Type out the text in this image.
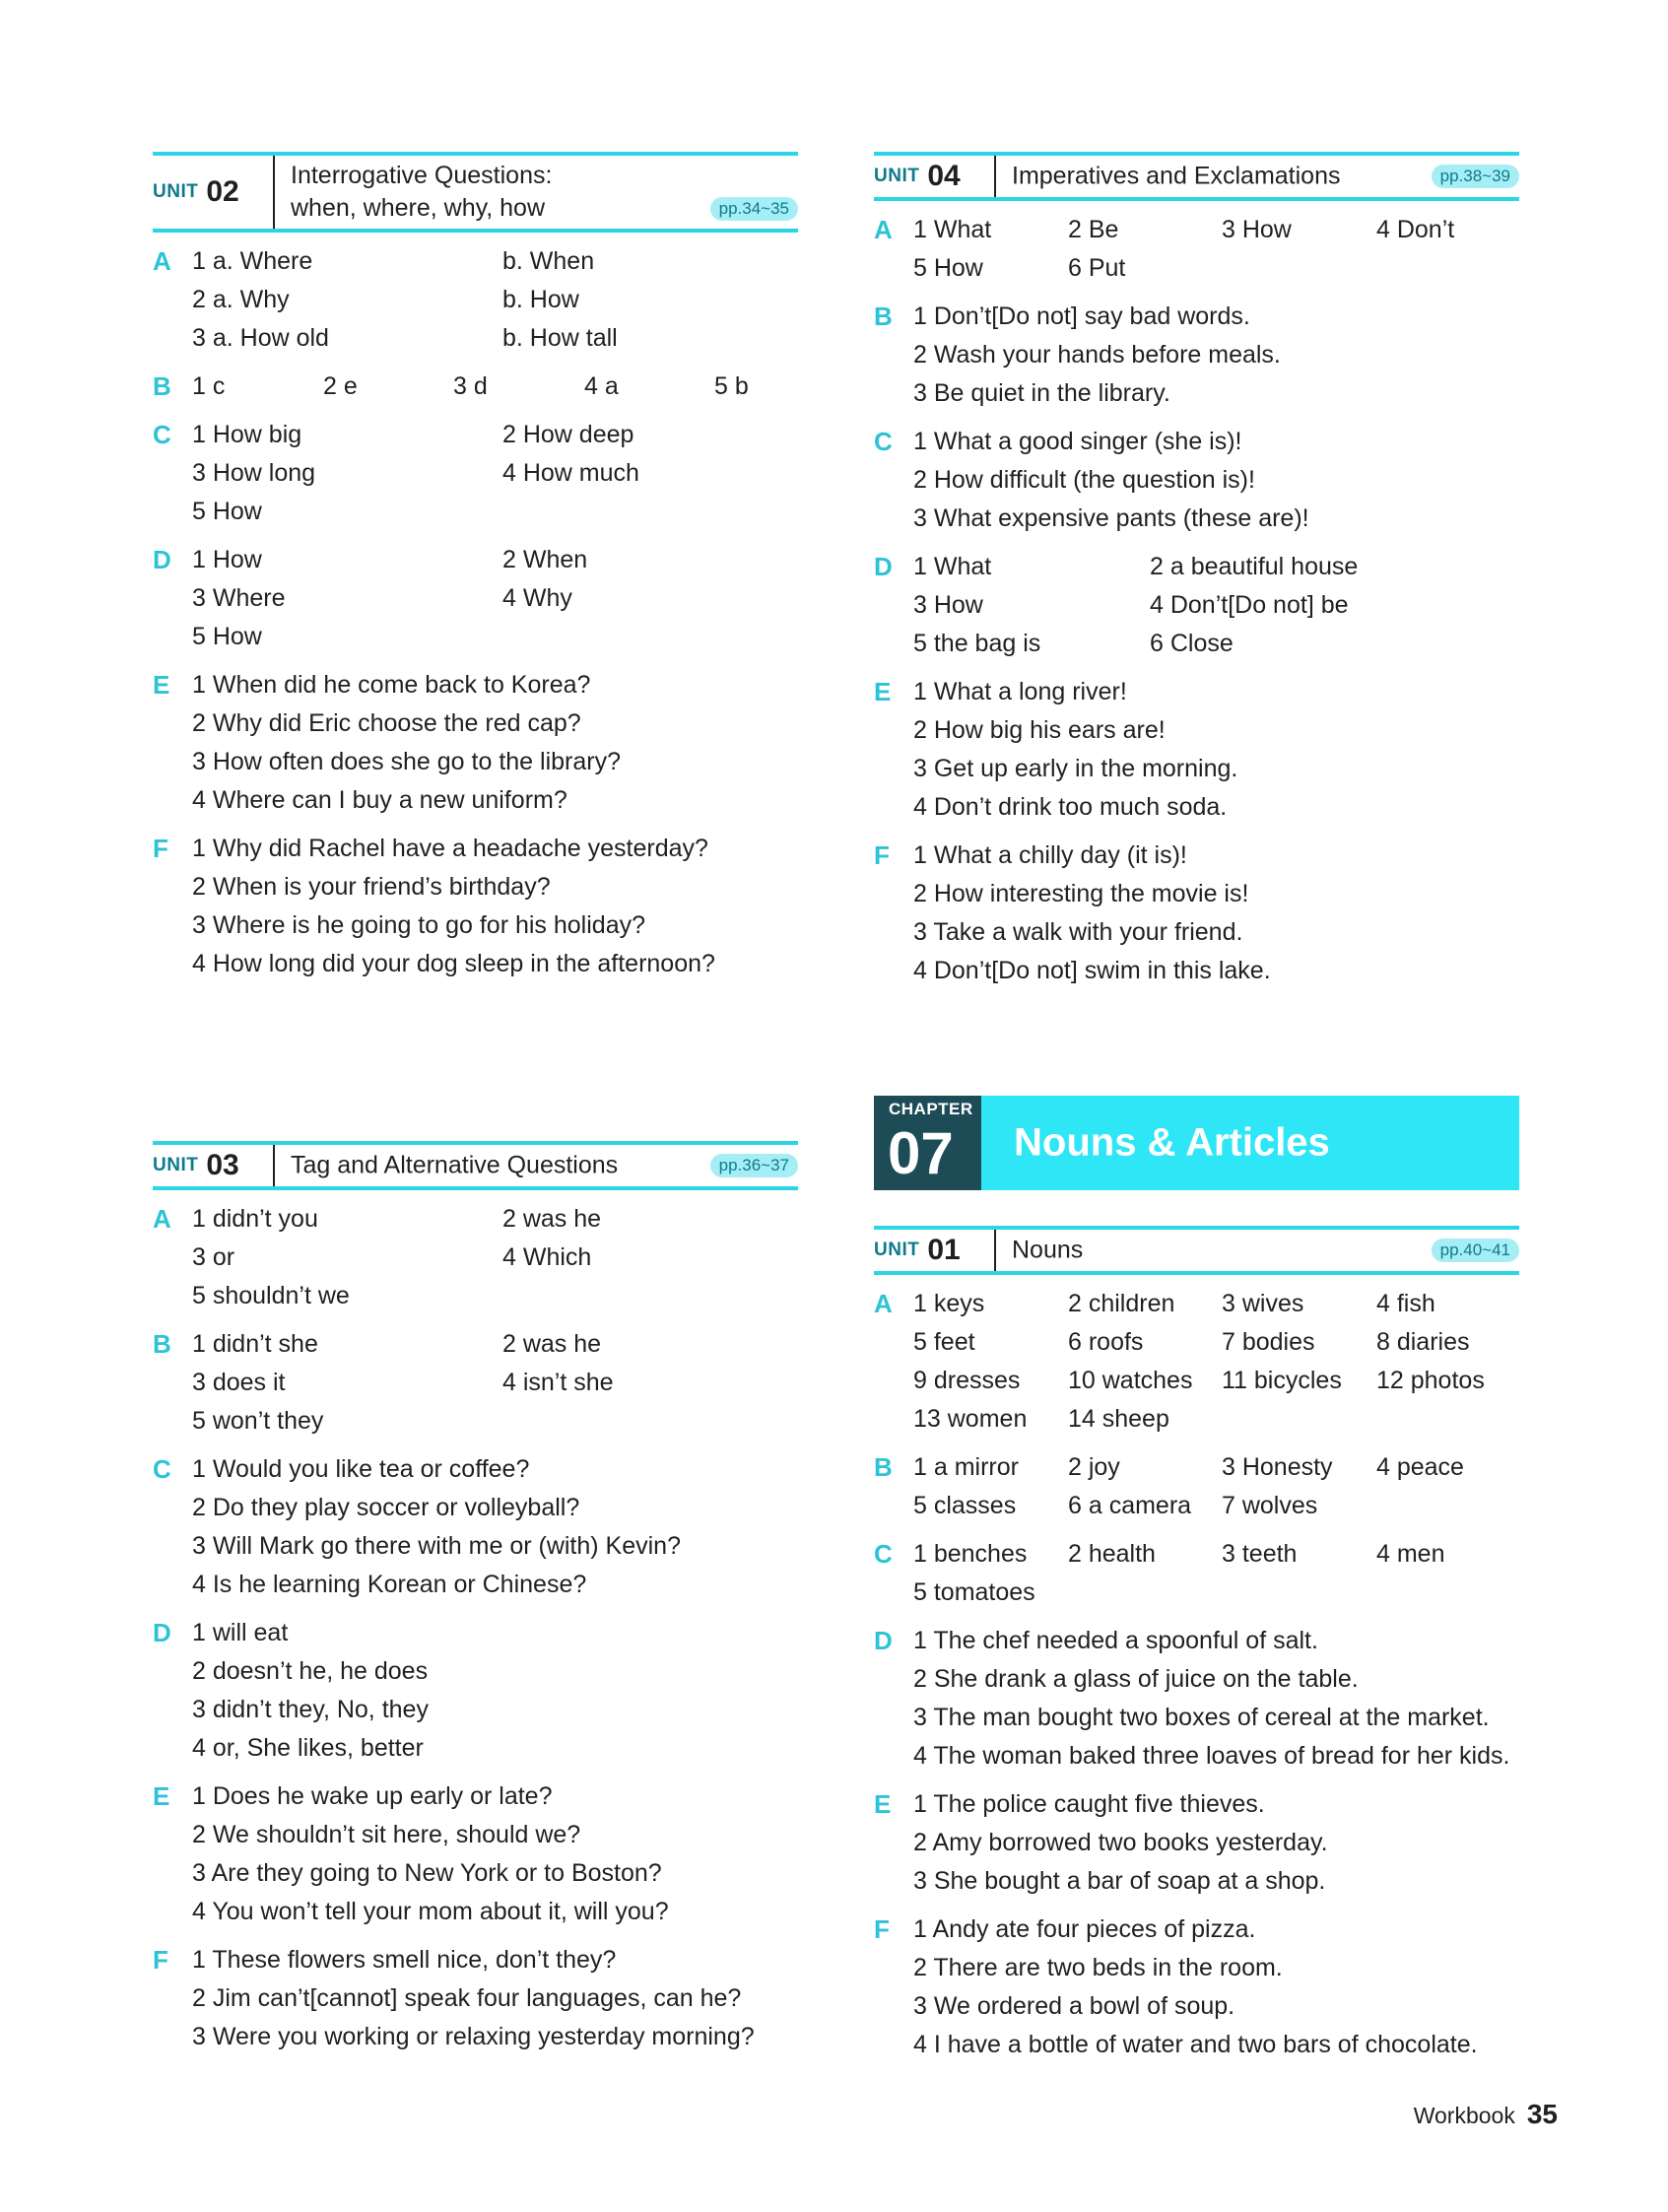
UNIT 02 Interrogative Questions:
when, where, why, how	pp.34~35
A 1 a. Where	b. When
2 a. Why	b. How
3 a. How old	b. How tall
B 1 c	2 e	3 d	4 a	5 b
C 1 How big	2 How deep
3 How long	4 How much
5 How
D 1 How	2 When
3 Where	4 Why
5 How
E 1 When did he come back to Korea?
2 Why did Eric choose the red cap?
3 How often does she go to the library?
4 Where can I buy a new uniform?
F 1 Why did Rachel have a headache yesterday?
2 When is your friend’s birthday?
3 Where is he going to go for his holiday?
4 How long did your dog sleep in the afternoon?
UNIT 03 Tag and Alternative Questions	pp.36~37
A 1 didn’t you	2 was he
3 or	4 Which
5 shouldn’t we
B 1 didn’t she	2 was he
3 does it	4 isn’t she
5 won’t they
C 1 Would you like tea or coffee?
2 Do they play soccer or volleyball?
3 Will Mark go there with me or (with) Kevin?
4 Is he learning Korean or Chinese?
D 1 will eat
2 doesn’t he, he does
3 didn’t they, No, they
4 or, She likes, better
E 1 Does he wake up early or late?
2 We shouldn’t sit here, should we?
3 Are they going to New York or to Boston?
4 You won’t tell your mom about it, will you?
F 1 These flowers smell nice, don’t they?
2 Jim can’t[cannot] speak four languages, can he?
3 Were you working or relaxing yesterday morning?
UNIT 04 Imperatives and Exclamations	pp.38~39
A 1 What	2 Be	3 How	4 Don’t
5 How	6 Put
B 1 Don’t[Do not] say bad words.
2 Wash your hands before meals.
3 Be quiet in the library.
C 1 What a good singer (she is)!
2 How difficult (the question is)!
3 What expensive pants (these are)!
D 1 What	2 a beautiful house
3 How	4 Don’t[Do not] be
5 the bag is	6 Close
E 1 What a long river!
2 How big his ears are!
3 Get up early in the morning.
4 Don’t drink too much soda.
F 1 What a chilly day (it is)!
2 How interesting the movie is!
3 Take a walk with your friend.
4 Don’t[Do not] swim in this lake.
UNIT 01 Nouns	pp.40~41
A 1 keys	2 children 3 wives	4 fish
5 feet	6 roofs	7 bodies 8 diaries
9 dresses 10 watches 11 bicycles 12 photos
13 women 14 sheep
B 1 a mirror 2 joy	3 Honesty 4 peace
5 classes 6 a camera 7 wolves
C 1 benches 2 health	3 teeth	4 men
5 tomatoes
D 1 The chef needed a spoonful of salt.
2 She drank a glass of juice on the table.
3 The man bought two boxes of cereal at the market.
4 The woman baked three loaves of bread for her kids.
E 1 The police caught five thieves.
2 Amy borrowed two books yesterday.
3 She bought a bar of soap at a shop.
F 1 Andy ate four pieces of pizza.
2 There are two beds in the room.
3 We ordered a bowl of soup.
4 I have a bottle of water and two bars of chocolate.
CHAPTER
07 Nouns & Articles
Workbook 35
